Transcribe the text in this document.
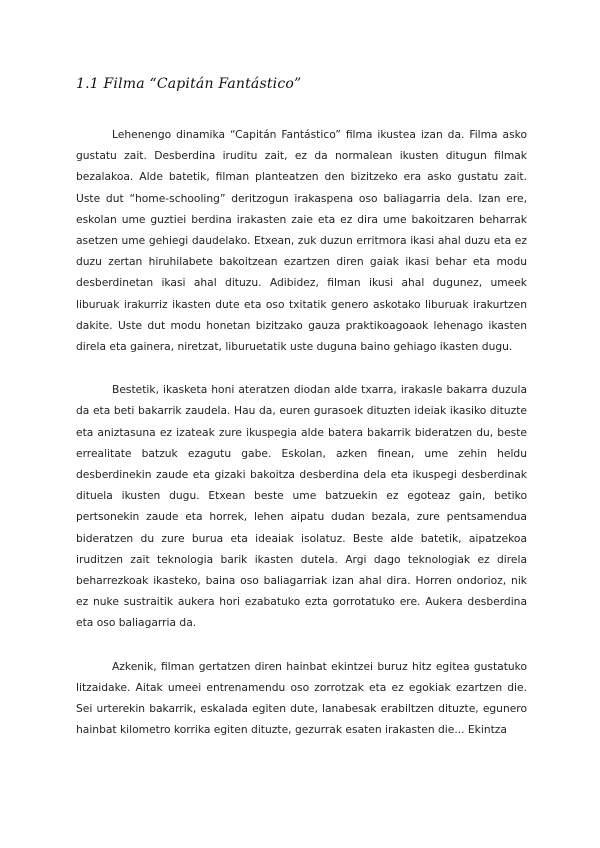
1.1 Filma “Capitán Fantástico”

Lehenengo dinamika “Capitán Fantástico” filma ikustea izan da. Filma asko gustatu zait. Desberdina iruditu zait, ez da normalean ikusten ditugun filmak bezalakoa. Alde batetik, filman planteatzen den bizitzeko era asko gustatu zait. Uste dut “home-schooling” deritzogun irakaspena oso baliagarria dela. Izan ere, eskolan ume guztiei berdina irakasten zaie eta ez dira ume bakoitzaren beharrak asetzen ume gehiegi daudelako. Etxean, zuk duzun erritmora ikasi ahal duzu eta ez duzu zertan hiruhilabete bakoitzean ezartzen diren gaiak ikasi behar eta modu desberdinetan ikasi ahal dituzu. Adibidez, filman ikusi ahal dugunez, umeek liburuak irakurriz ikasten dute eta oso txitatik genero askotako liburuak irakurtzen dakite. Uste dut modu honetan bizitzako gauza praktikoagoaok lehenago ikasten direla eta gainera, niretzat, liburuetatik uste duguna baino gehiago ikasten dugu.

Bestetik, ikasketa honi ateratzen diodan alde txarra, irakasle bakarra duzula da eta beti bakarrik zaudela. Hau da, euren gurasoek dituzten ideiak ikasiko dituzte eta aniztasuna ez izateak zure ikuspegia alde batera bakarrik bideratzen du, beste errealitate batzuk ezagutu gabe. Eskolan, azken finean, ume zehin heldu desberdinekin zaude eta gizaki bakoitza desberdina dela eta ikuspegi desberdinak dituela ikusten dugu. Etxean beste ume batzuekin ez egoteaz gain, betiko pertsonekin zaude eta horrek, lehen aipatu dudan bezala, zure pentsamendua bideratzen du zure burua eta ideaiak isolatuz. Beste alde batetik, aipatzekoa iruditzen zait teknologia barik ikasten dutela. Argi dago teknologiak ez direla beharrezkoak ikasteko, baina oso baliagarriak izan ahal dira. Horren ondorioz, nik ez nuke sustraitik aukera hori ezabatuko ezta gorrotatuko ere. Aukera desberdina eta oso baliagarria da.

Azkenik, filman gertatzen diren hainbat ekintzei buruz hitz egitea gustatuko litzaidake. Aitak umeei entrenamendu oso zorrotzak eta ez egokiak ezartzen die. Sei urterekin bakarrik, eskalada egiten dute, lanabesak erabiltzen dituzte, egunero hainbat kilometro korrika egiten dituzte, gezurrak esaten irakasten die... Ekintza
